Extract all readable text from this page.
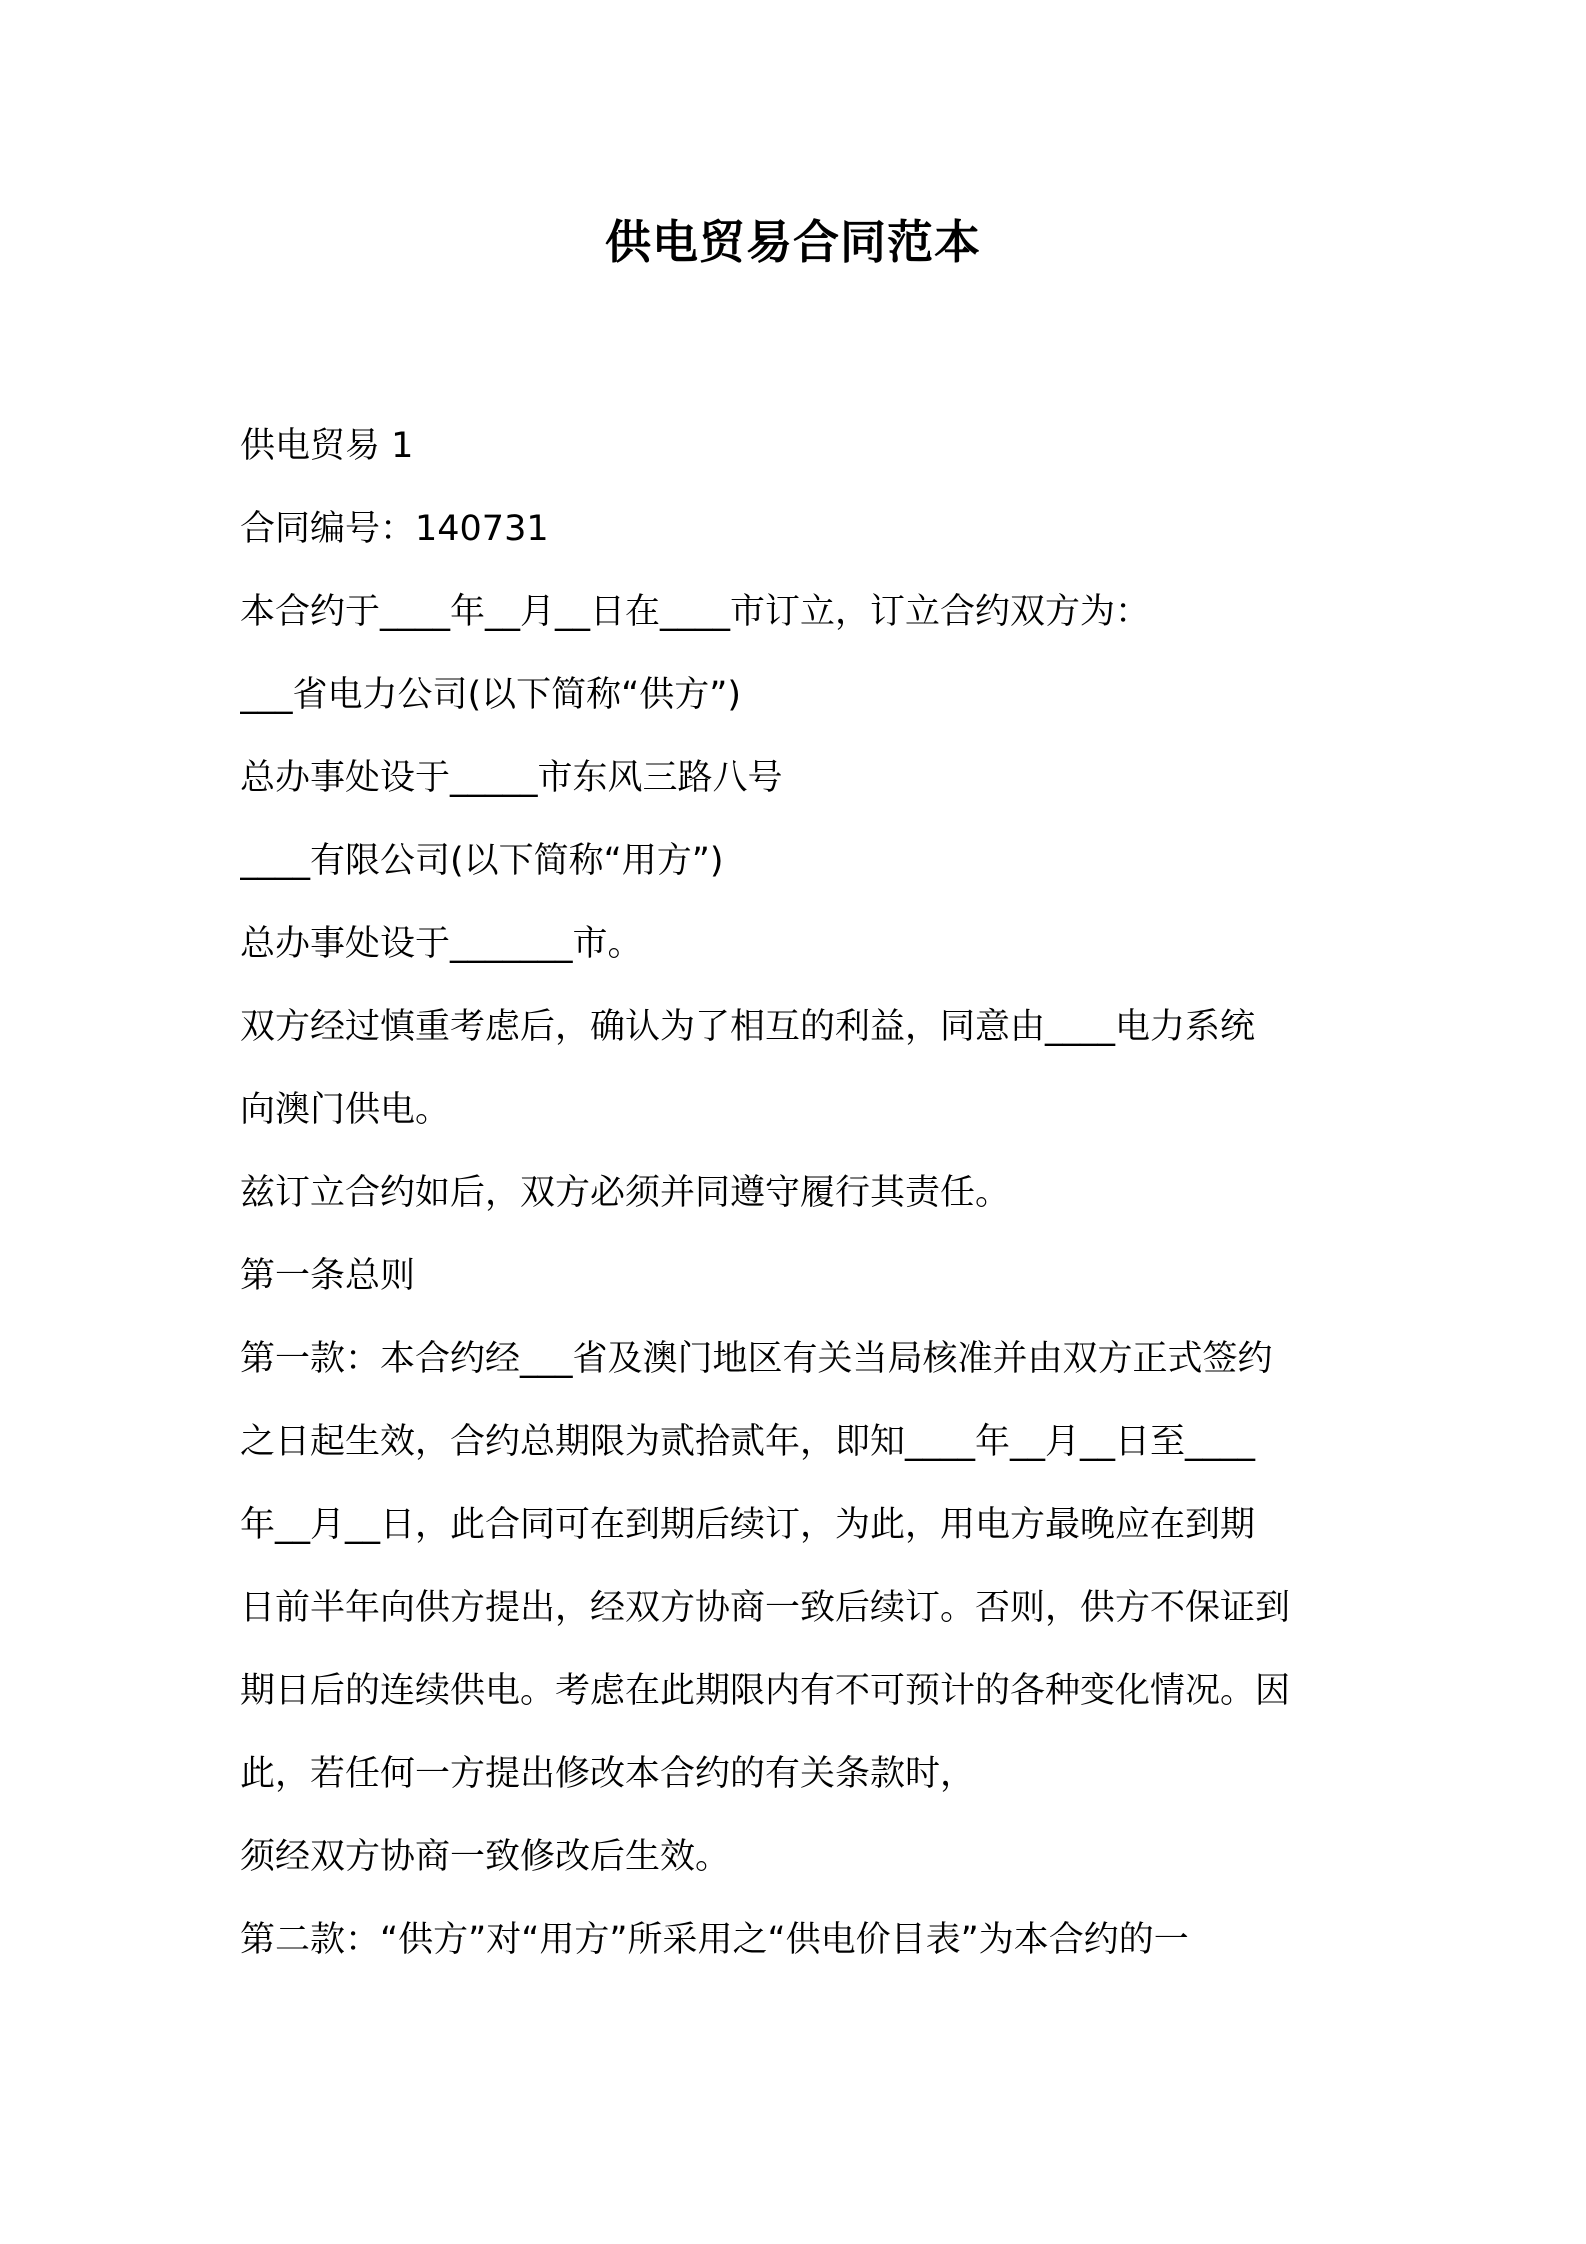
供电贸易合同范本
供电贸易 1
合同编号：140731
本合约于____年__月__日在____市订立，订立合约双方为：
___省电力公司(以下简称“供方”)
总办事处设于_____市东风三路八号
____有限公司(以下简称“用方”)
总办事处设于_______市。
双方经过慎重考虑后，确认为了相互的利益，同意由____电力系统
向澳门供电。
兹订立合约如后，双方必须并同遵守履行其责任。
第一条总则
第一款：本合约经___省及澳门地区有关当局核准并由双方正式签约
之日起生效，合约总期限为贰拾贰年，即知____年__月__日至____
年__月__日，此合同可在到期后续订，为此，用电方最晚应在到期
日前半年向供方提出，经双方协商一致后续订。否则，供方不保证到
期日后的连续供电。考虑在此期限内有不可预计的各种变化情况。因
此，若任何一方提出修改本合约的有关条款时，
须经双方协商一致修改后生效。
第二款：“供方”对“用方”所采用之“供电价目表”为本合约的一
